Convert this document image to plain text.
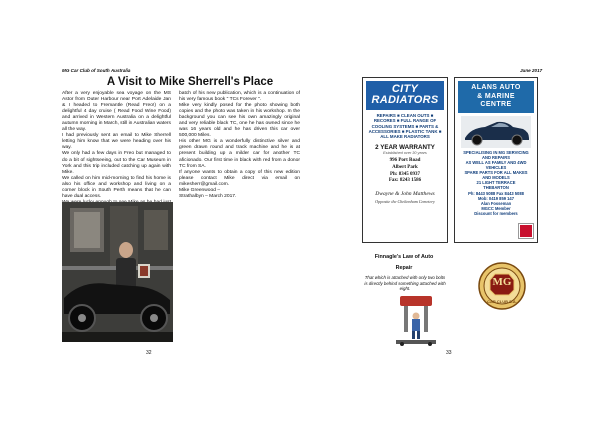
MG Car Club of South Australia
A Visit to Mike Sherrell's Place

After a very enjoyable sea voyage on the MS Astor from Outer Harbour near Port Adelaide Jan & I headed to Fremantle (Read Freo!) on a delightful 4 day cruise ( Read Food Wine Food) and arrived in Western Australia on a delightful autumn morning in March, still in Australian waters all the way.

I had previously sent an email to Mike Sherrell letting him know that we were heading over his way.

We only had a few days in Freo but managed to do a bit of sightseeing, out to the Car Museum in York and this trip included catching up again with Mike.

We called on him mid-morning to find his home is also his office and workshop and living on a corner block in South Perth means that he can have dual access.

batch of his new publication, which is a continuation of his very famous book " TCs Forever ".

Mike very kindly posed for the photo showing both copies and the photo was taken in his workshop. In the background you can see his own amazingly original and very reliable black TC, one he has owned since he was 16 years old and he has driven this car over 500,000 Miles.

His other MG is a wonderfully distinctive silver and green drawn round and track machine and he is at present building up a milder car for another TC aficionado. Our first time in black with red from a donor TC from SA.

If anyone wants to obtain a copy of this new edition please contact Mike direct via email on mikesherr@gmail.com.

Mike Greenwood –

Strathalbyn – March 2017.

32
June 2017
CITY
RADIATORS
REPAIRS ■ CLEAN OUTS ■
RECORES ■ FULL RANGE OF
COOLING SYSTEMS ■ PARTS &
ACCESSORIES ■ PLASTIC TANK ■
ALL MAKE RADIATORS
2 YEAR WARRANTY
Established over 30 years
996 Port Road
Albert Park
Ph: 8345 0937
Fax: 8243 1586
Dwayne & John Matthews
Opposite the Cheltenham Cemetery
ALANS AUTO
& MARINE
CENTRE
SPECIALISING IN MG SERVICING
AND REPAIRS
AS WELL AS FAMILY AND 4WD
VEHICLES
SPARE PARTS FOR ALL MAKES
AND MODELS
21 LIGHT TERRACE
THEBARTON
Ph: 8443 5088 Fax 8443 5088
Mob: 0419 859 147
Alan Fosseman
MGCC Member
Discount for members
Finnagle's Law of Auto
Repair
That which is attached with only two bolts is directly behind something attached with eight.
MG
CAR CLUB S.A.
33
